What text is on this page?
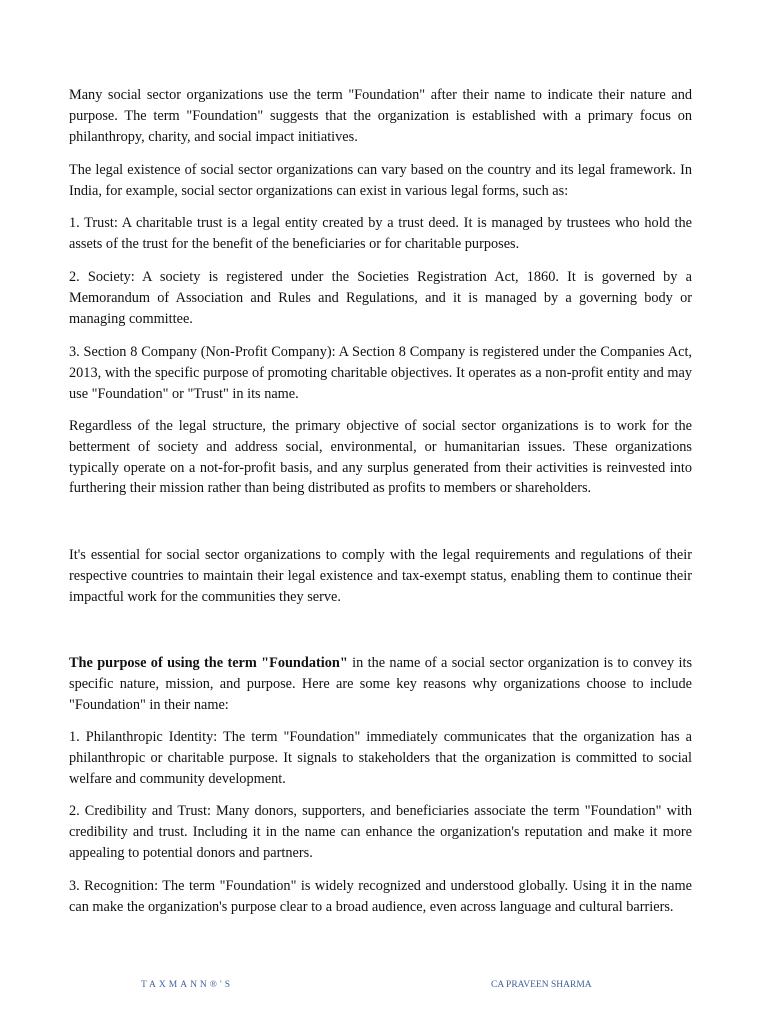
Many social sector organizations use the term "Foundation" after their name to indicate their nature and purpose. The term "Foundation" suggests that the organization is established with a primary focus on philanthropy, charity, and social impact initiatives.

The legal existence of social sector organizations can vary based on the country and its legal framework. In India, for example, social sector organizations can exist in various legal forms, such as:

1. Trust: A charitable trust is a legal entity created by a trust deed. It is managed by trustees who hold the assets of the trust for the benefit of the beneficiaries or for charitable purposes.

2. Society: A society is registered under the Societies Registration Act, 1860. It is governed by a Memorandum of Association and Rules and Regulations, and it is managed by a governing body or managing committee.

3. Section 8 Company (Non-Profit Company): A Section 8 Company is registered under the Companies Act, 2013, with the specific purpose of promoting charitable objectives. It operates as a non-profit entity and may use "Foundation" or "Trust" in its name.

Regardless of the legal structure, the primary objective of social sector organizations is to work for the betterment of society and address social, environmental, or humanitarian issues. These organizations typically operate on a not-for-profit basis, and any surplus generated from their activities is reinvested into furthering their mission rather than being distributed as profits to members or shareholders.

It's essential for social sector organizations to comply with the legal requirements and regulations of their respective countries to maintain their legal existence and tax-exempt status, enabling them to continue their impactful work for the communities they serve.

The purpose of using the term "Foundation" in the name of a social sector organization is to convey its specific nature, mission, and purpose. Here are some key reasons why organizations choose to include "Foundation" in their name:

1. Philanthropic Identity: The term "Foundation" immediately communicates that the organization has a philanthropic or charitable purpose. It signals to stakeholders that the organization is committed to social welfare and community development.

2. Credibility and Trust: Many donors, supporters, and beneficiaries associate the term "Foundation" with credibility and trust. Including it in the name can enhance the organization's reputation and make it more appealing to potential donors and partners.

3. Recognition: The term "Foundation" is widely recognized and understood globally. Using it in the name can make the organization's purpose clear to a broad audience, even across language and cultural barriers.

TAXMANN®'S	CA PRAVEEN SHARMA
